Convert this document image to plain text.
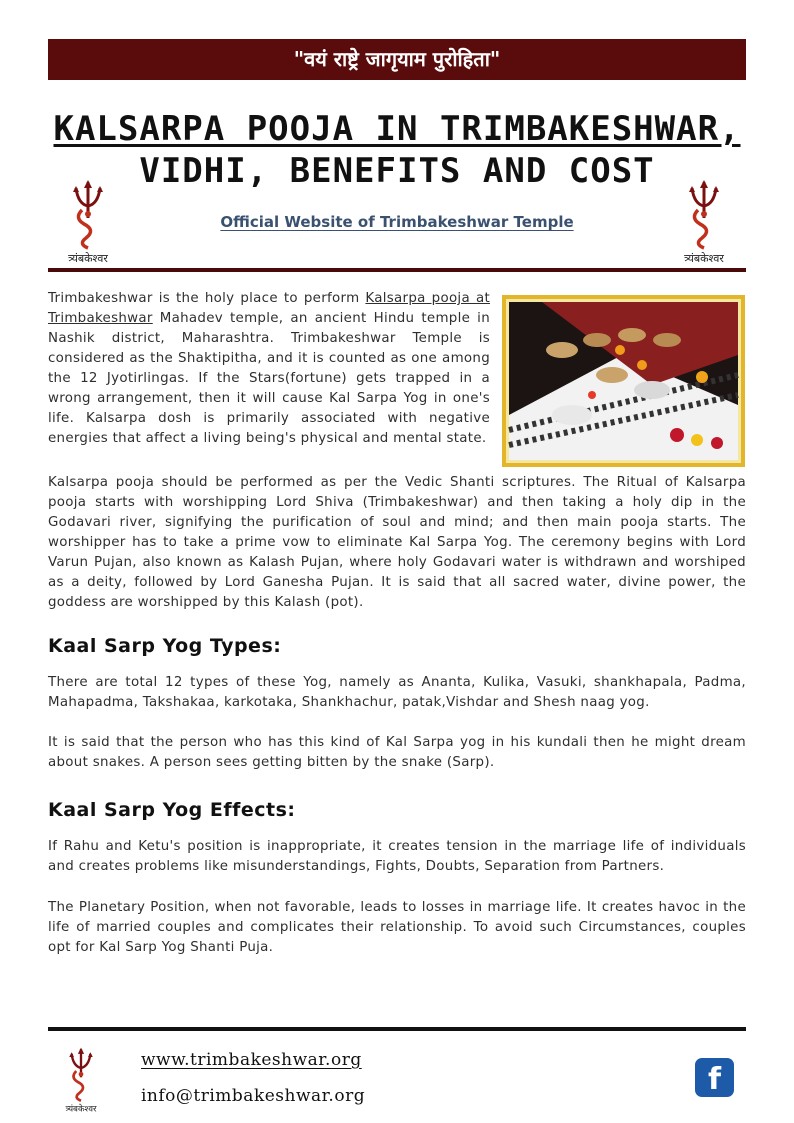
"वयं राष्ट्रे जागृयाम पुरोहिता"
KALSARPA POOJA IN TRIMBAKESHWAR,
VIDHI, BENEFITS AND COST
त्र्यंबकेश्वर
Official Website of Trimbakeshwar Temple
त्र्यंबकेश्वर

Trimbakeshwar is the holy place to perform Kalsarpa pooja at Trimbakeshwar Mahadev temple, an ancient Hindu temple in Nashik district, Maharashtra. Trimbakeshwar Temple is considered as the Shaktipitha, and it is counted as one among the 12 Jyotirlingas. If the Stars(fortune) gets trapped in a wrong arrangement, then it will cause Kal Sarpa Yog in one's life. Kalsarpa dosh is primarily associated with negative energies that affect a living being's physical and mental state.

Kalsarpa pooja should be performed as per the Vedic Shanti scriptures. The Ritual of Kalsarpa pooja starts with worshipping Lord Shiva (Trimbakeshwar) and then taking a holy dip in the Godavari river, signifying the purification of soul and mind; and then main pooja starts. The worshipper has to take a prime vow to eliminate Kal Sarpa Yog. The ceremony begins with Lord Varun Pujan, also known as Kalash Pujan, where holy Godavari water is withdrawn and worshiped as a deity, followed by Lord Ganesha Pujan. It is said that all sacred water, divine power, the goddess are worshipped by this Kalash (pot).

Kaal Sarp Yog Types:

There are total 12 types of these Yog, namely as Ananta, Kulika, Vasuki, shankhapala, Padma, Mahapadma, Takshakaa, karkotaka, Shankhachur, patak,Vishdar and Shesh naag yog.

It is said that the person who has this kind of Kal Sarpa yog in his kundali then he might dream about snakes. A person sees getting bitten by the snake (Sarp).

Kaal Sarp Yog Effects:

If Rahu and Ketu's position is inappropriate, it creates tension in the marriage life of individuals and creates problems like misunderstandings, Fights, Doubts, Separation from Partners.

The Planetary Position, when not favorable, leads to losses in marriage life. It creates havoc in the life of married couples and complicates their relationship. To avoid such Circumstances, couples opt for Kal Sarp Yog Shanti Puja.

त्र्यंबकेश्वर
www.trimbakeshwar.org
info@trimbakeshwar.org	f
